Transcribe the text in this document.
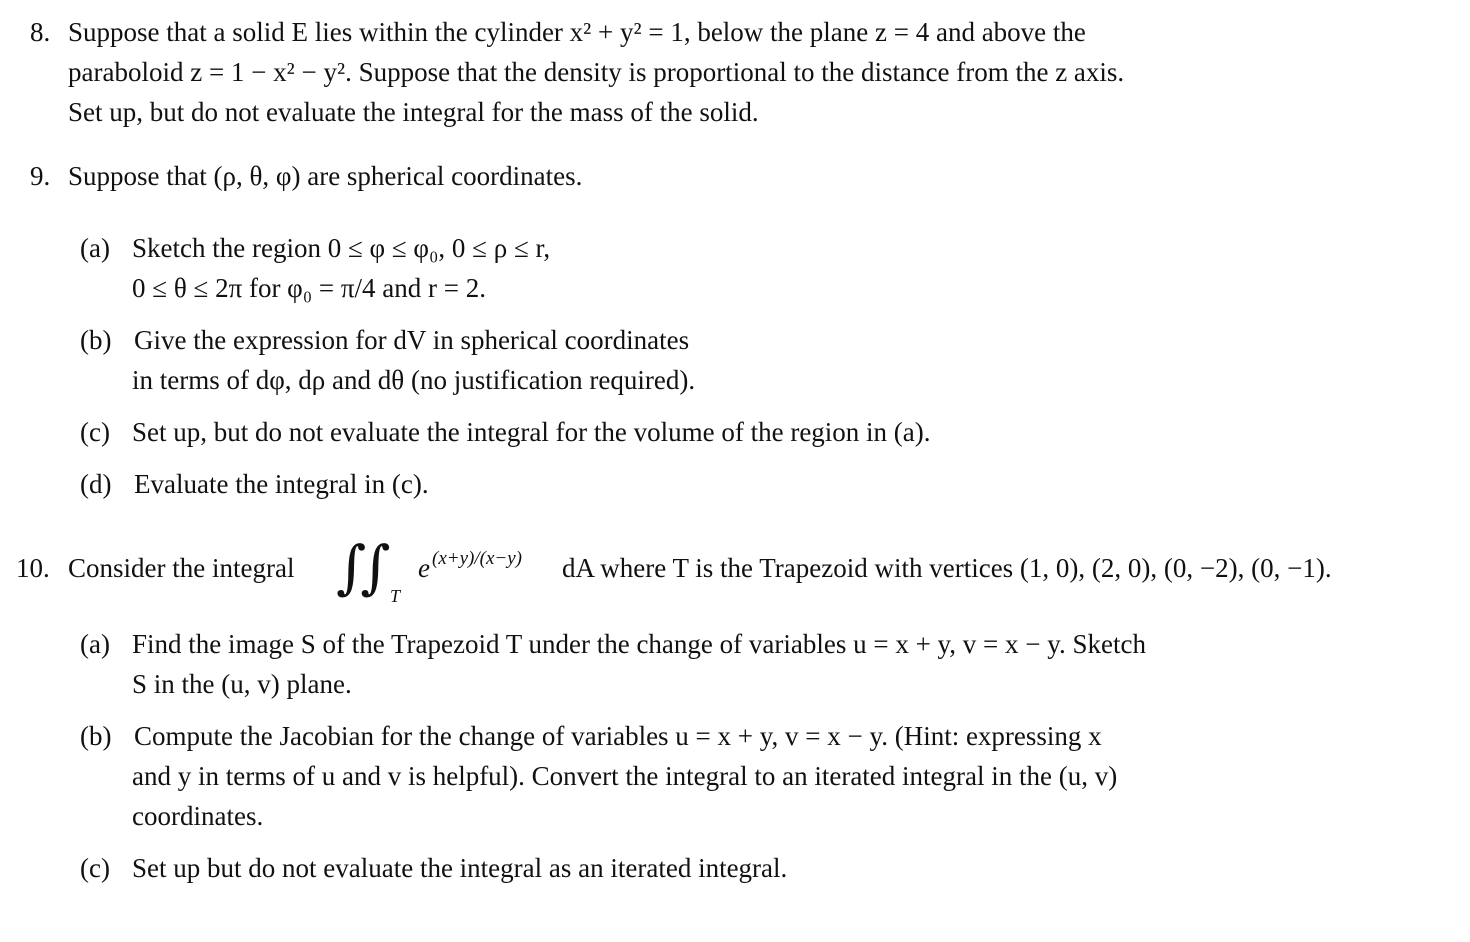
8. Suppose that a solid E lies within the cylinder x² + y² = 1, below the plane z = 4 and above the
paraboloid z = 1 − x² − y². Suppose that the density is proportional to the distance from the z axis.
Set up, but do not evaluate the integral for the mass of the solid.
9. Suppose that (ρ, θ, φ) are spherical coordinates.
(a) Sketch the region 0 ≤ φ ≤ φ₀, 0 ≤ ρ ≤ r,
0 ≤ θ ≤ 2π for φ₀ = π/4 and r = 2.
(b) Give the expression for dV in spherical coordinates
in terms of dφ, dρ and dθ (no justification required).
(c) Set up, but do not evaluate the integral for the volume of the region in (a).
(d) Evaluate the integral in (c).
10. Consider the integral ∫∫ T
e (x+y)/(x−y) dA where T is the Trapezoid with vertices (1, 0), (2, 0), (0, −2), (0, −1).
(a) Find the image S of the Trapezoid T under the change of variables u = x + y, v = x − y. Sketch
S in the (u, v) plane.
(b) Compute the Jacobian for the change of variables u = x + y, v = x − y. (Hint: expressing x
and y in terms of u and v is helpful). Convert the integral to an iterated integral in the (u, v)
coordinates.
(c) Set up but do not evaluate the integral as an iterated integral.
